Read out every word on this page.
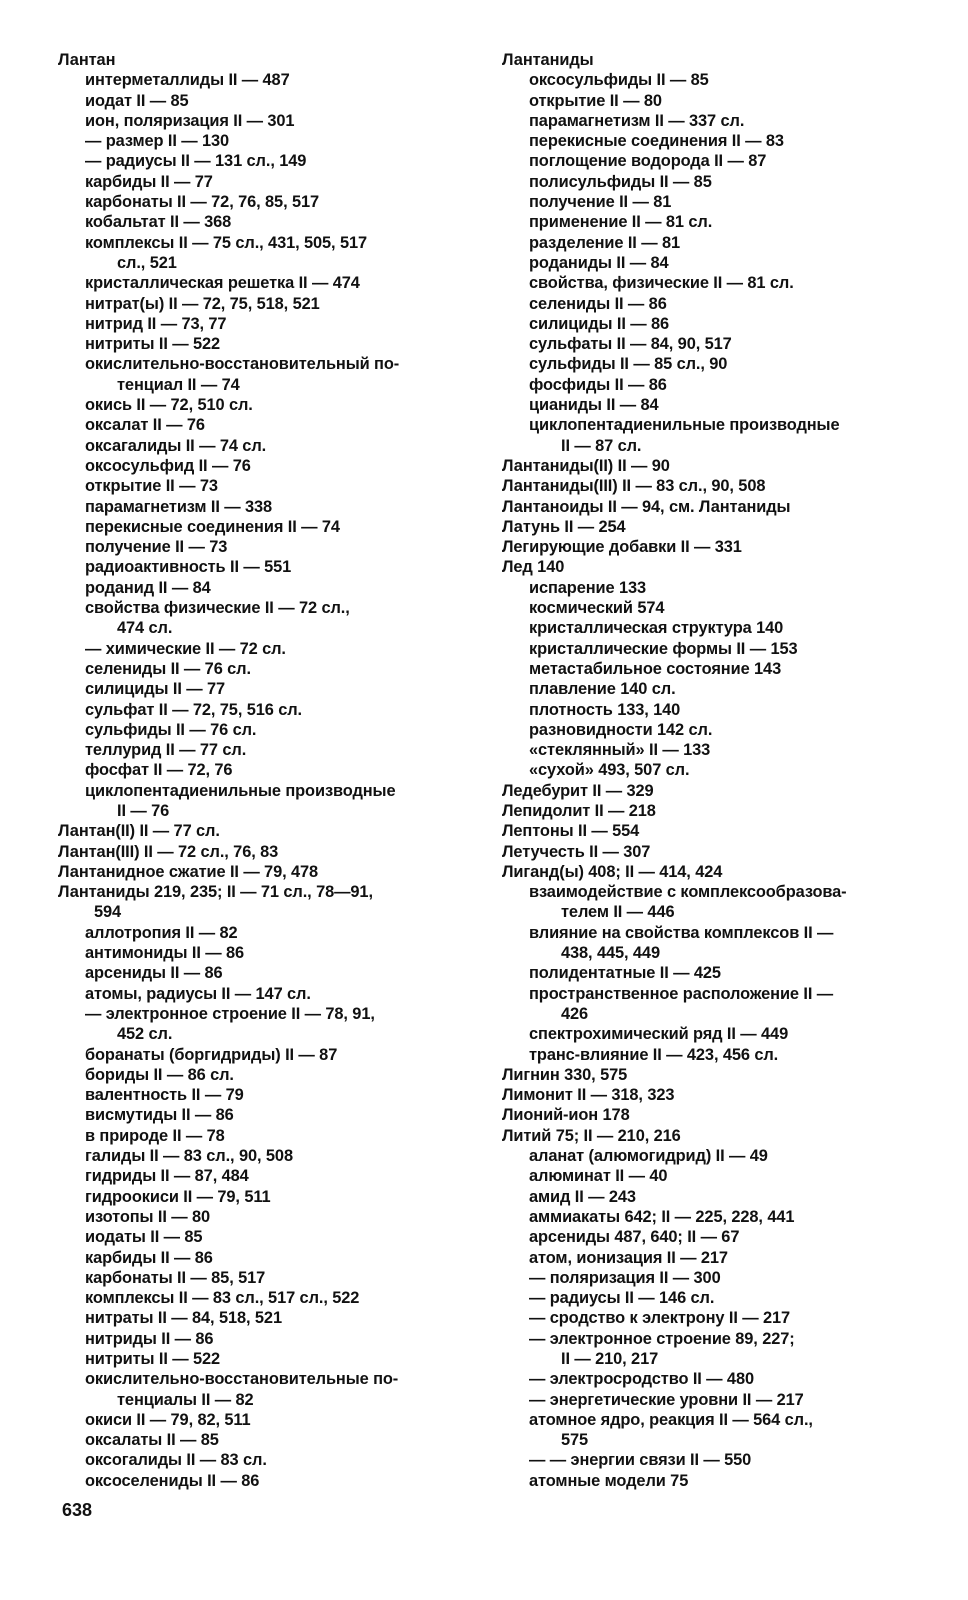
Лантан
интерметаллиды II — 487
иодат II — 85
ион, поляризация II — 301
— размер II — 130
— радиусы II — 131 сл., 149
карбиды II — 77
карбонаты II — 72, 76, 85, 517
кобальтат II — 368
комплексы II — 75 сл., 431, 505, 517
сл., 521
кристаллическая решетка II — 474
нитрат(ы) II — 72, 75, 518, 521
нитрид II — 73, 77
нитриты II — 522
окислительно-восстановительный по-
тенциал II — 74
окись II — 72, 510 сл.
оксалат II — 76
оксагалиды II — 74 сл.
оксосульфид II — 76
открытие II — 73
парамагнетизм II — 338
перекисные соединения II — 74
получение II — 73
радиоактивность II — 551
роданид II — 84
свойства физические II — 72 сл.,
474 сл.
— химические II — 72 сл.
селениды II — 76 сл.
силициды II — 77
сульфат II — 72, 75, 516 сл.
сульфиды II — 76 сл.
теллурид II — 77 сл.
фосфат II — 72, 76
циклопентадиенильные производные
II — 76
Лантан(II) II — 77 сл.
Лантан(III) II — 72 сл., 76, 83
Лантанидное сжатие II — 79, 478
Лантаниды 219, 235; II — 71 сл., 78—91,
594
аллотропия II — 82
антимониды II — 86
арсениды II — 86
атомы, радиусы II — 147 сл.
— электронное строение II — 78, 91,
452 сл.
боранаты (боргидриды) II — 87
бориды II — 86 сл.
валентность II — 79
висмутиды II — 86
в природе II — 78
галиды II — 83 сл., 90, 508
гидриды II — 87, 484
гидроокиси II — 79, 511
изотопы II — 80
иодаты II — 85
карбиды II — 86
карбонаты II — 85, 517
комплексы II — 83 сл., 517 сл., 522
нитраты II — 84, 518, 521
нитриды II — 86
нитриты II — 522
окислительно-восстановительные по-
тенциалы II — 82
окиси II — 79, 82, 511
оксалаты II — 85
оксогалиды II — 83 сл.
оксоселениды II — 86
Лантаниды
оксосульфиды II — 85
открытие II — 80
парамагнетизм II — 337 сл.
перекисные соединения II — 83
поглощение водорода II — 87
полисульфиды II — 85
получение II — 81
применение II — 81 сл.
разделение II — 81
роданиды II — 84
свойства, физические II — 81 сл.
селениды II — 86
силициды II — 86
сульфаты II — 84, 90, 517
сульфиды II — 85 сл., 90
фосфиды II — 86
цианиды II — 84
циклопентадиенильные производные
II — 87 сл.
Лантаниды(II) II — 90
Лантаниды(III) II — 83 сл., 90, 508
Лантаноиды II — 94, см. Лантаниды
Латунь II — 254
Легирующие добавки II — 331
Лед 140
испарение 133
космический 574
кристаллическая структура 140
кристаллические формы II — 153
метастабильное состояние 143
плавление 140 сл.
плотность 133, 140
разновидности 142 сл.
«стеклянный» II — 133
«сухой» 493, 507 сл.
Ледебурит II — 329
Лепидолит II — 218
Лептоны II — 554
Летучесть II — 307
Лиганд(ы) 408; II — 414, 424
взаимодействие с комплексообразова-
телем II — 446
влияние на свойства комплексов II —
438, 445, 449
полидентатные II — 425
пространственное расположение II —
426
спектрохимический ряд II — 449
транс-влияние II — 423, 456 сл.
Лигнин 330, 575
Лимонит II — 318, 323
Лионий-ион 178
Литий 75; II — 210, 216
аланат (алюмогидрид) II — 49
алюминат II — 40
амид II — 243
аммиакаты 642; II — 225, 228, 441
арсениды 487, 640; II — 67
атом, ионизация II — 217
— поляризация II — 300
— радиусы II — 146 сл.
— сродство к электрону II — 217
— электронное строение 89, 227;
II — 210, 217
— электросродство II — 480
— энергетические уровни II — 217
атомное ядро, реакция II — 564 сл.,
575
— — энергии связи II — 550
атомные модели 75
638
